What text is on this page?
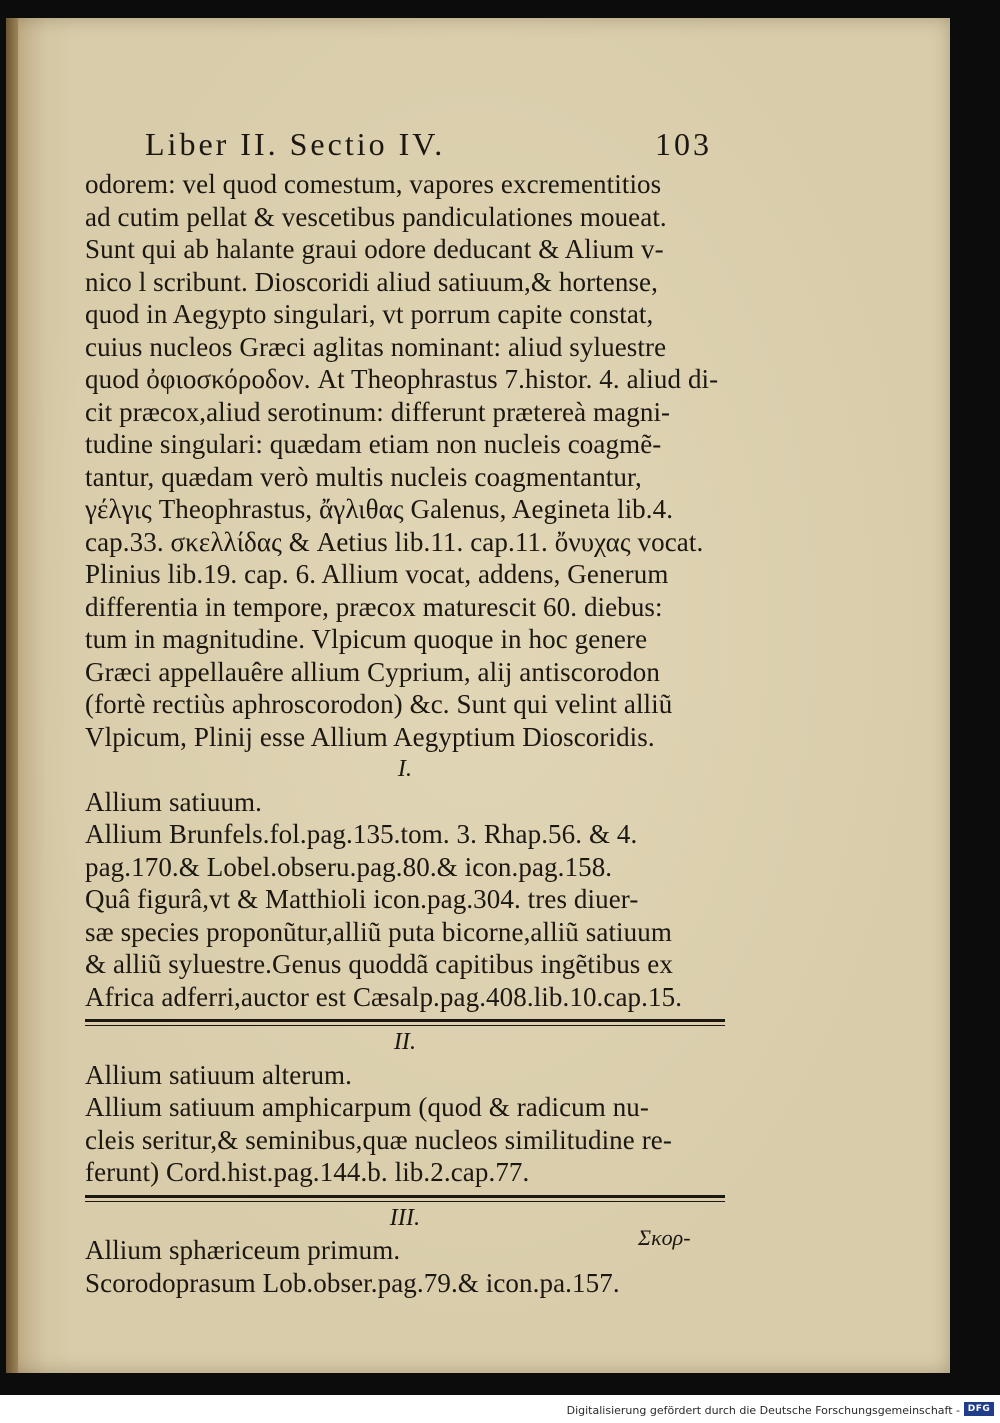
Liber II. Sectio IV.	103
odorem: vel quod comestum, vapores excrementitios
ad cutim pellat & vescetibus pandiculationes moueat.
Sunt qui ab halante graui odore deducant & Alium v-
nico l scribunt. Dioscoridi aliud satiuum,& hortense,
quod in Aegypto singulari, vt porrum capite constat,
cuius nucleos Græci aglitas nominant: aliud syluestre
quod ὀφιοσκόροδον. At Theophrastus 7.histor. 4. aliud di-
cit præcox,aliud serotinum: differunt prætereà magni-
tudine singulari: quædam etiam non nucleis coagmẽ-
tantur, quædam verò multis nucleis coagmentantur,
γέλγις Theophrastus, ἄγλιθας Galenus, Aegineta lib.4.
cap.33. σκελλίδας & Aetius lib.11. cap.11. ὄνυχας vocat.
Plinius lib.19. cap. 6. Allium vocat, addens, Generum
differentia in tempore, præcox maturescit 60. diebus:
tum in magnitudine. Vlpicum quoque in hoc genere
Græci appellauêre allium Cyprium, alij antiscorodon
(fortè rectiùs aphroscorodon) &c. Sunt qui velint alliũ
Vlpicum, Plinij esse Allium Aegyptium Dioscoridis.
I.
Allium satiuum.
Allium Brunfels.fol.pag.135.tom. 3. Rhap.56. & 4.
pag.170.& Lobel.obseru.pag.80.& icon.pag.158.
Quâ figurâ,vt & Matthioli icon.pag.304. tres diuer-
sæ species proponũtur,alliũ puta bicorne,alliũ satiuum
& alliũ syluestre.Genus quoddã capitibus ingẽtibus ex
Africa adferri,auctor est Cæsalp.pag.408.lib.10.cap.15.
II.
Allium satiuum alterum.
Allium satiuum amphicarpum (quod & radicum nu-
cleis seritur,& seminibus,quæ nucleos similitudine re-
ferunt) Cord.hist.pag.144.b. lib.2.cap.77.
III.
Allium sphæriceum primum.
Scorodoprasum Lob.obser.pag.79.& icon.pa.157.
Σκορ-
Digitalisierung gefördert durch die Deutsche Forschungsgemeinschaft - DFG
